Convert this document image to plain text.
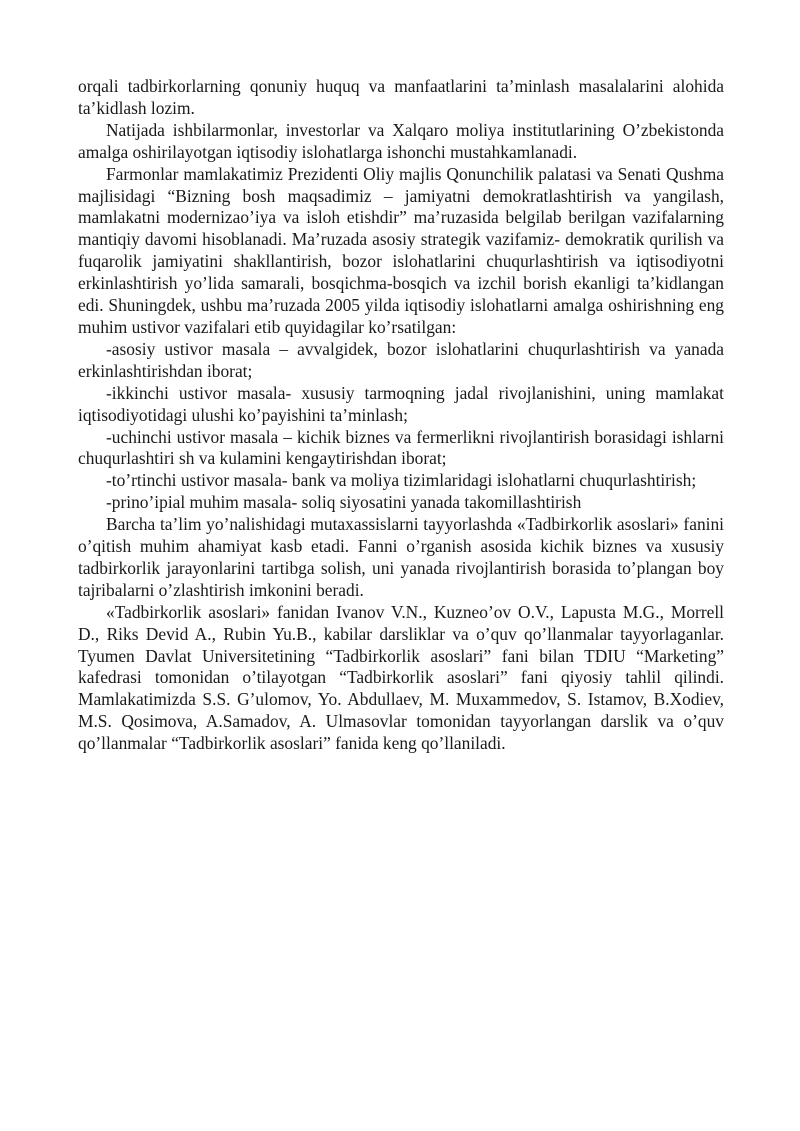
orqali tadbirkorlarning qonuniy huquq va manfaatlarini ta’minlash masalalarini alohida ta’kidlash lozim.

Natijada ishbilarmonlar, investorlar va Xalqaro moliya institutlarining O’zbekistonda amalga oshirilayotgan iqtisodiy islohatlarga ishonchi mustahkamlanadi.

Farmonlar mamlakatimiz Prezidenti Oliy majlis Qonunchilik palatasi va Senati Qushma majlisidagi “Bizning bosh maqsadimiz – jamiyatni demokratlashtirish va yangilash, mamlakatni modernizao’iya va isloh etishdir” ma’ruzasida belgilab berilgan vazifalarning mantiqiy davomi hisoblanadi. Ma’ruzada asosiy strategik vazifamiz- demokratik qurilish va fuqarolik jamiyatini shakllantirish, bozor islohatlarini chuqurlashtirish va iqtisodiyotni erkinlashtirish yo’lida samarali, bosqichma-bosqich va izchil borish ekanligi ta’kidlangan edi. Shuningdek, ushbu ma’ruzada 2005 yilda iqtisodiy islohatlarni amalga oshirishning eng muhim ustivor vazifalari etib quyidagilar ko’rsatilgan:

-asosiy ustivor masala – avvalgidek, bozor islohatlarini chuqurlashtirish va yanada erkinlashtirishdan iborat;

-ikkinchi ustivor masala- xususiy tarmoqning jadal rivojlanishini, uning mamlakat iqtisodiyotidagi ulushi ko’payishini ta’minlash;

-uchinchi ustivor masala – kichik biznes va fermerlikni rivojlantirish borasidagi ishlarni chuqurlashtiri sh va kulamini kengaytirishdan iborat;

-to’rtinchi ustivor masala- bank va moliya tizimlaridagi islohatlarni chuqurlashtirish;

-prino’ipial muhim masala- soliq siyosatini yanada takomillashtirish

Barcha ta’lim yo’nalishidagi mutaxassislarni tayyorlashda «Tadbirkorlik asoslari» fanini o’qitish muhim ahamiyat kasb etadi. Fanni o’rganish asosida kichik biznes va xususiy tadbirkorlik jarayonlarini tartibga solish, uni yanada rivojlantirish borasida to’plangan boy tajribalarni o’zlashtirish imkonini beradi.

«Tadbirkorlik asoslari» fanidan Ivanov V.N., Kuzneo’ov O.V., Lapusta M.G., Morrell D., Riks Devid A., Rubin Yu.B., kabilar darsliklar va o’quv qo’llanmalar tayyorlaganlar. Tyumen Davlat Universitetining “Tadbirkorlik asoslari” fani bilan TDIU “Marketing” kafedrasi tomonidan o’tilayotgan “Tadbirkorlik asoslari” fani qiyosiy tahlil qilindi. Mamlakatimizda S.S. G’ulomov, Yo. Abdullaev, M. Muxammedov, S. Istamov, B.Xodiev, M.S. Qosimova, A.Samadov, A. Ulmasovlar tomonidan tayyorlangan darslik va o’quv qo’llanmalar “Tadbirkorlik asoslari” fanida keng qo’llaniladi.
